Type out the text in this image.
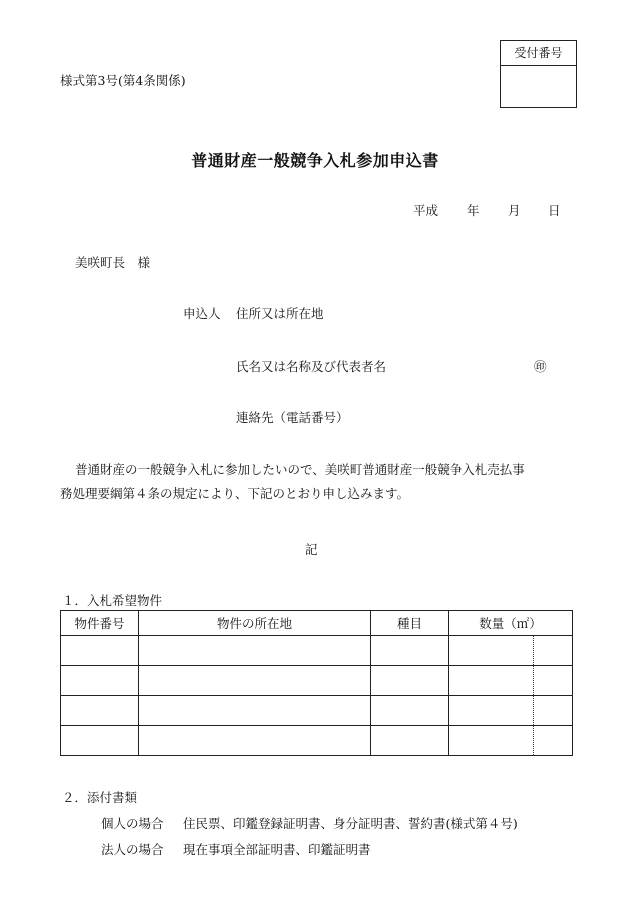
様式第3号(第4条関係)
受付番号
普通財産一般競争入札参加申込書
平成 年 月 日
美咲町長　様
申込人 住所又は所在地
氏名又は名称及び代表者名	㊞
連絡先（電話番号）
普通財産の一般競争入札に参加したいので、美咲町普通財産一般競争入札売払事
務処理要綱第４条の規定により、下記のとおり申し込みます。
記
１．入札希望物件
物件番号	物件の所在地	種目	数量（㎡）

２．添付書類
個人の場合 住民票、印鑑登録証明書、身分証明書、誓約書(様式第４号)
法人の場合 現在事項全部証明書、印鑑証明書
